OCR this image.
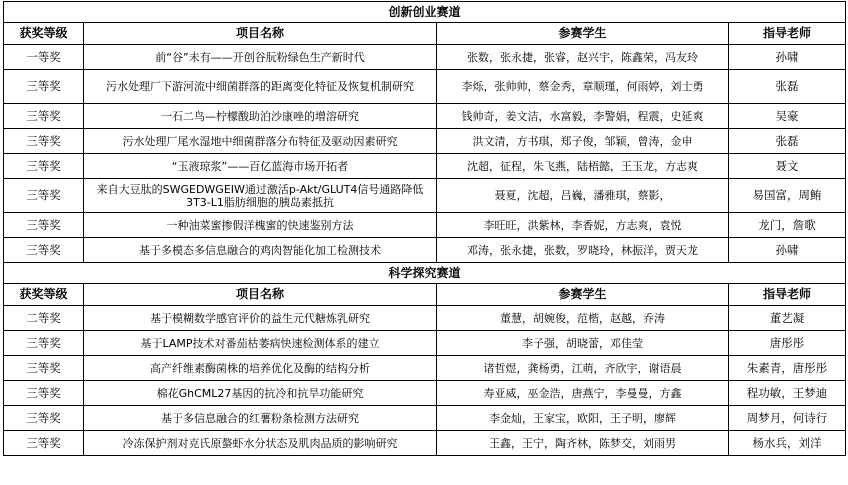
创新创业赛道			
获奖等级	项目名称	参赛学生	指导老师
一等奖	前“谷”未有——开创谷朊粉绿色生产新时代	张数，张永捷，张睿，赵兴宇，陈鑫荣，冯友玲	孙啸
三等奖	污水处理厂下游河流中细菌群落的距离变化特征及恢复机制研究	李烁，张帅帅，蔡金秀，章顺瑾，何雨婷，刘士勇	张磊
三等奖	一石二鸟—柠檬酸助泊沙康唑的增溶研究	钱帅奇，姜文洁，水富毅，李警娟，程震，史延爽	吴豪
三等奖	污水处理厂尾水湿地中细菌群落分布特征及驱动因素研究	洪文清，方书琪，郑子俊，邹颖，曾涛，金申	张磊
三等奖	“玉液琼浆”——百亿蓝海市场开拓者	沈超，征程，朱飞燕，陆梧懿，王玉龙，方志爽	聂文
三等奖	来自大豆肽的SWGEDWGEIW通过激活p-Akt/GLUT4信号通路降低3T3-L1脂肪细胞的胰岛素抵抗	聂夏，沈超，吕巍，潘雅琪，蔡影，	易国富，周鲔
三等奖	一种油菜蜜掺假洋槐蜜的快速鉴别方法	李旺旺，洪紫林，李香妮，方志爽，袁悦	龙门，詹歌
三等奖	基于多模态多信息融合的鸡肉智能化加工检测技术	邓涛，张永捷，张数，罗晓玲，林振洋，贾天龙	孙啸
科学探究赛道			
获奖等级	项目名称	参赛学生	指导老师
二等奖	基于模糊数学感官评价的益生元代糖炼乳研究	董慧，胡婉俊，范楷，赵越，乔涛	董艺凝
三等奖	基于LAMP技术对番茄枯萎病快速检测体系的建立	李子强，胡晓蕾，邓佳莹	唐彤彤
三等奖	高产纤维素酶菌株的培养优化及酶的结构分析	诸哲煜，龚杨勇，江萌，齐欣宇，谢语晨	朱素青，唐彤彤
三等奖	棉花GhCML27基因的抗冷和抗旱功能研究	寿亚威，巫金浩，唐燕宁，李曼曼，方鑫	程功敏，王梦迪
三等奖	基于多信息融合的红薯粉条检测方法研究	李金灿，王家宝，欧阳，王子明，廖辉	周梦月，何诗行
三等奖	冷冻保护剂对克氏原螯虾水分状态及肌肉品质的影响研究	王鑫，王宁，陶齐林，陈梦交，刘雨男	杨水兵，刘洋
